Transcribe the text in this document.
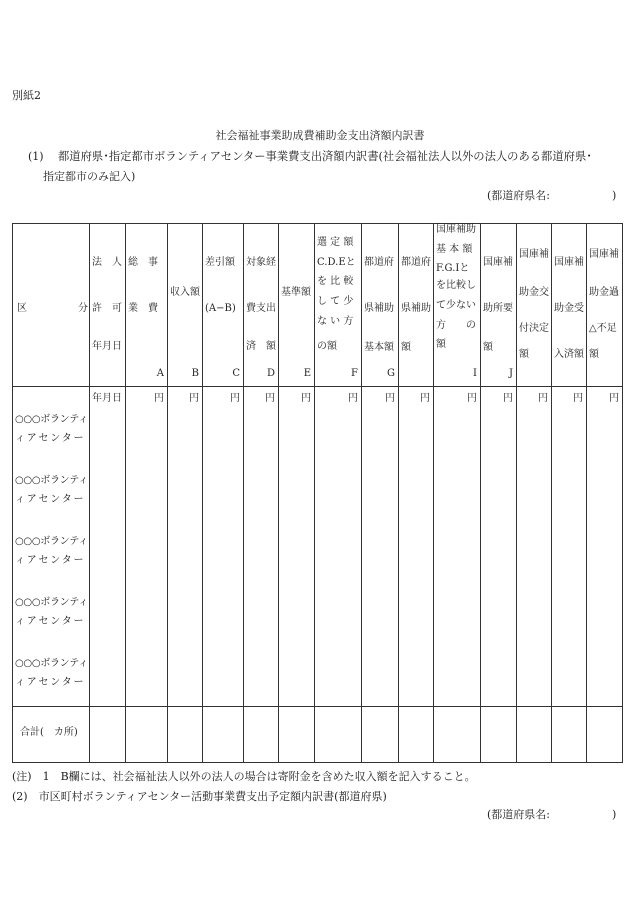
別紙2
社会福祉事業助成費補助金支出済額内訳書
(1) 都道府県･指定都市ボランティアセンター事業費支出済額内訳書(社会福祉法人以外の法人のある都道府県･
指定都市のみ記入)
(都道府県名:	)
区　　　　　分
法　人
許　可
年月日
年月日
総　事
業　費
A
円
収入額
B
円
差引額
(A−B)
C
円
対象経
費支出
済　額
D
円
基準額
E
円
選 定 額
C.D.Eと
を 比 較
し て 少
な い 方
の額
F
円
都道府
県補助
基本額
G
円
都道府
県補助
額
円
国庫補助
基 本 額
F.G.Iと
を比較し
て少ない
方　　の
額
I
円
国庫補
助所要
額
J
円
国庫補
助金交
付決定
額
円
国庫補
助金受
入済額
円
国庫補
助金過
△不足
額
円
○○○ボランティ
ィアセンター
○○○ボランティ
ィアセンター
○○○ボランティ
ィアセンター
○○○ボランティ
ィアセンター
○○○ボランティ
ィアセンター
合計(　カ所)
(注)　1　B欄には、社会福祉法人以外の法人の場合は寄附金を含めた収入額を記入すること。
(2)　市区町村ボランティアセンター活動事業費支出予定額内訳書(都道府県)
(都道府県名:	)
